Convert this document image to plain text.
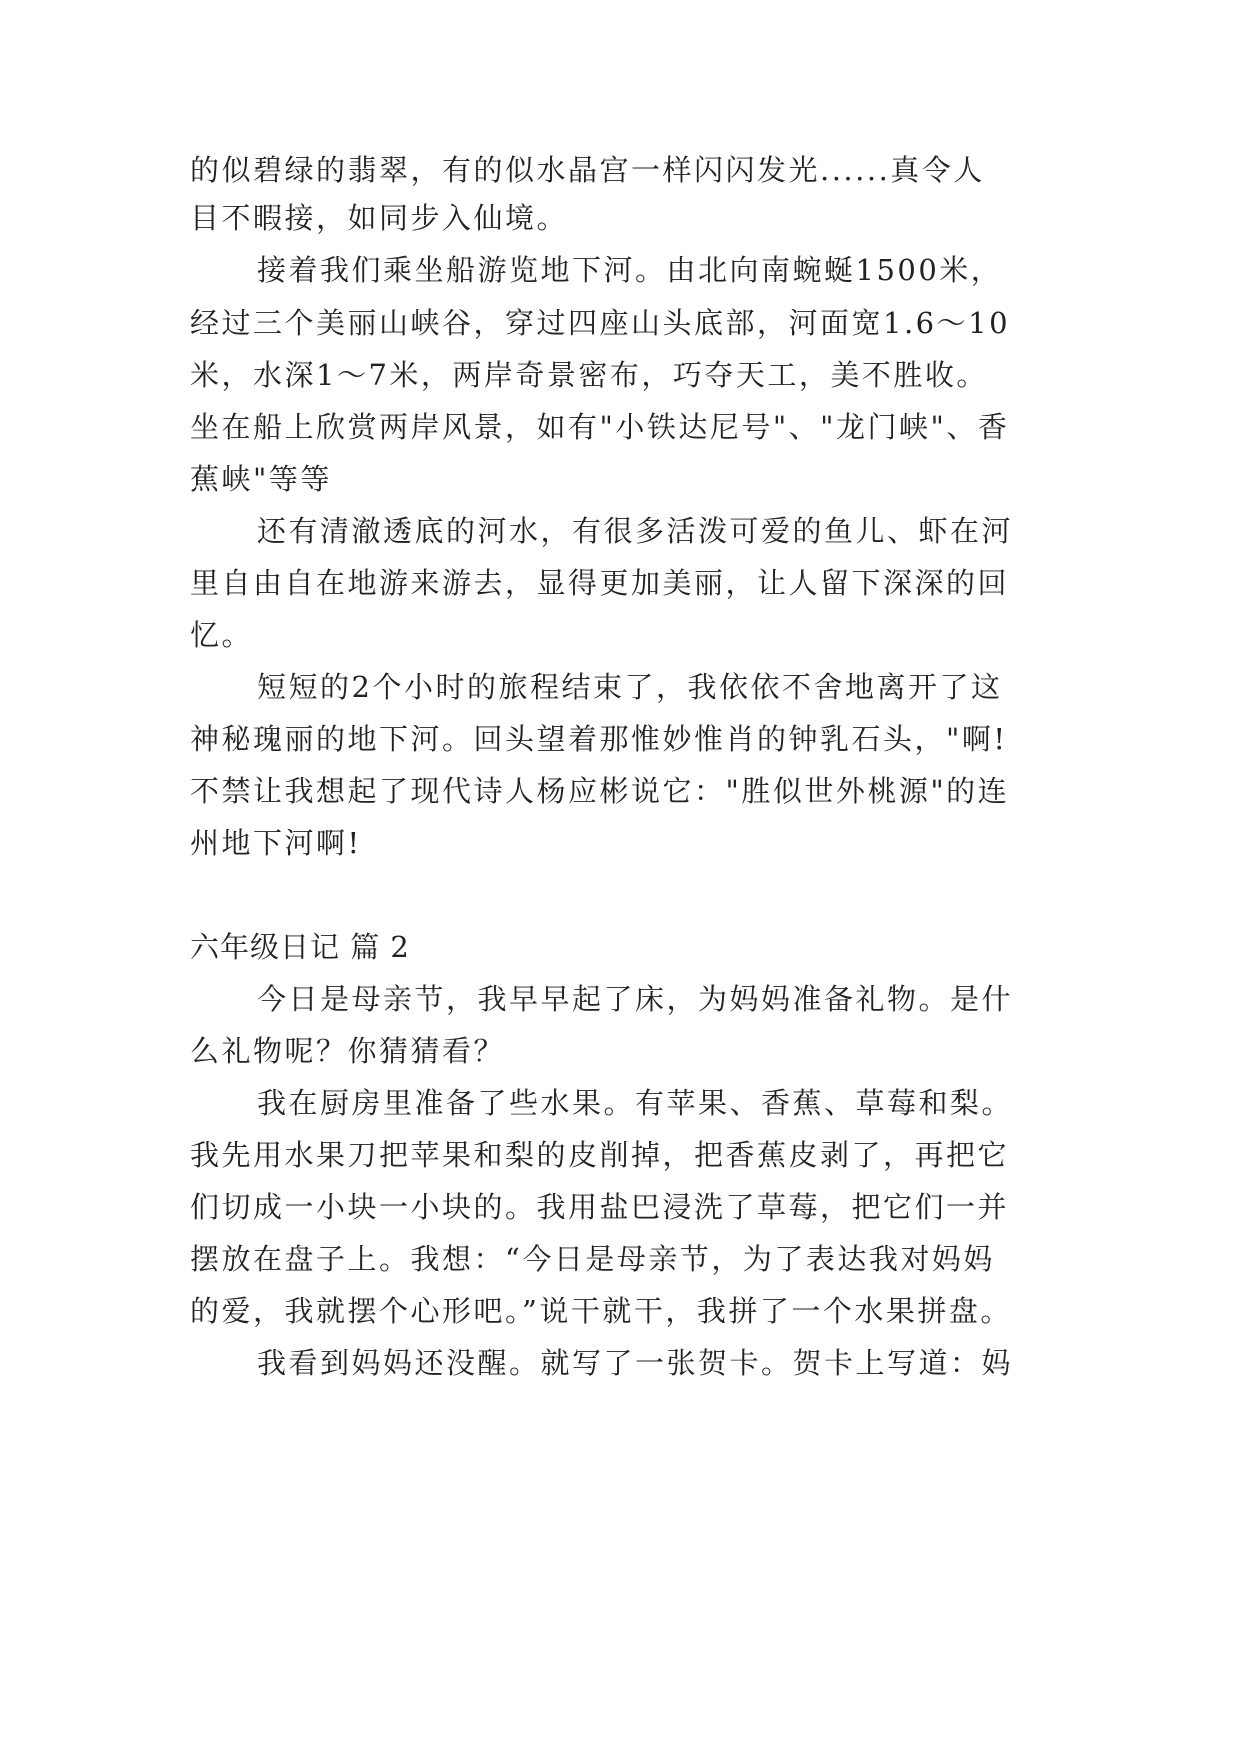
的似碧绿的翡翠，有的似水晶宫一样闪闪发光......真令人
目不暇接，如同步入仙境。
接着我们乘坐船游览地下河。由北向南蜿蜒1500米，
经过三个美丽山峡谷，穿过四座山头底部，河面宽1.6～10
米，水深1～7米，两岸奇景密布，巧夺天工，美不胜收。
坐在船上欣赏两岸风景，如有"小铁达尼号"、"龙门峡"、香
蕉峡"等等
还有清澈透底的河水，有很多活泼可爱的鱼儿、虾在河
里自由自在地游来游去，显得更加美丽，让人留下深深的回
忆。
短短的2个小时的旅程结束了，我依依不舍地离开了这
神秘瑰丽的地下河。回头望着那惟妙惟肖的钟乳石头，"啊!
不禁让我想起了现代诗人杨应彬说它："胜似世外桃源"的连
州地下河啊!
六年级日记 篇 2
今日是母亲节，我早早起了床，为妈妈准备礼物。是什
么礼物呢？你猜猜看？
我在厨房里准备了些水果。有苹果、香蕉、草莓和梨。
我先用水果刀把苹果和梨的皮削掉，把香蕉皮剥了，再把它
们切成一小块一小块的。我用盐巴浸洗了草莓，把它们一并
摆放在盘子上。我想：“今日是母亲节，为了表达我对妈妈
的爱，我就摆个心形吧。”说干就干，我拼了一个水果拼盘。
我看到妈妈还没醒。就写了一张贺卡。贺卡上写道：妈
